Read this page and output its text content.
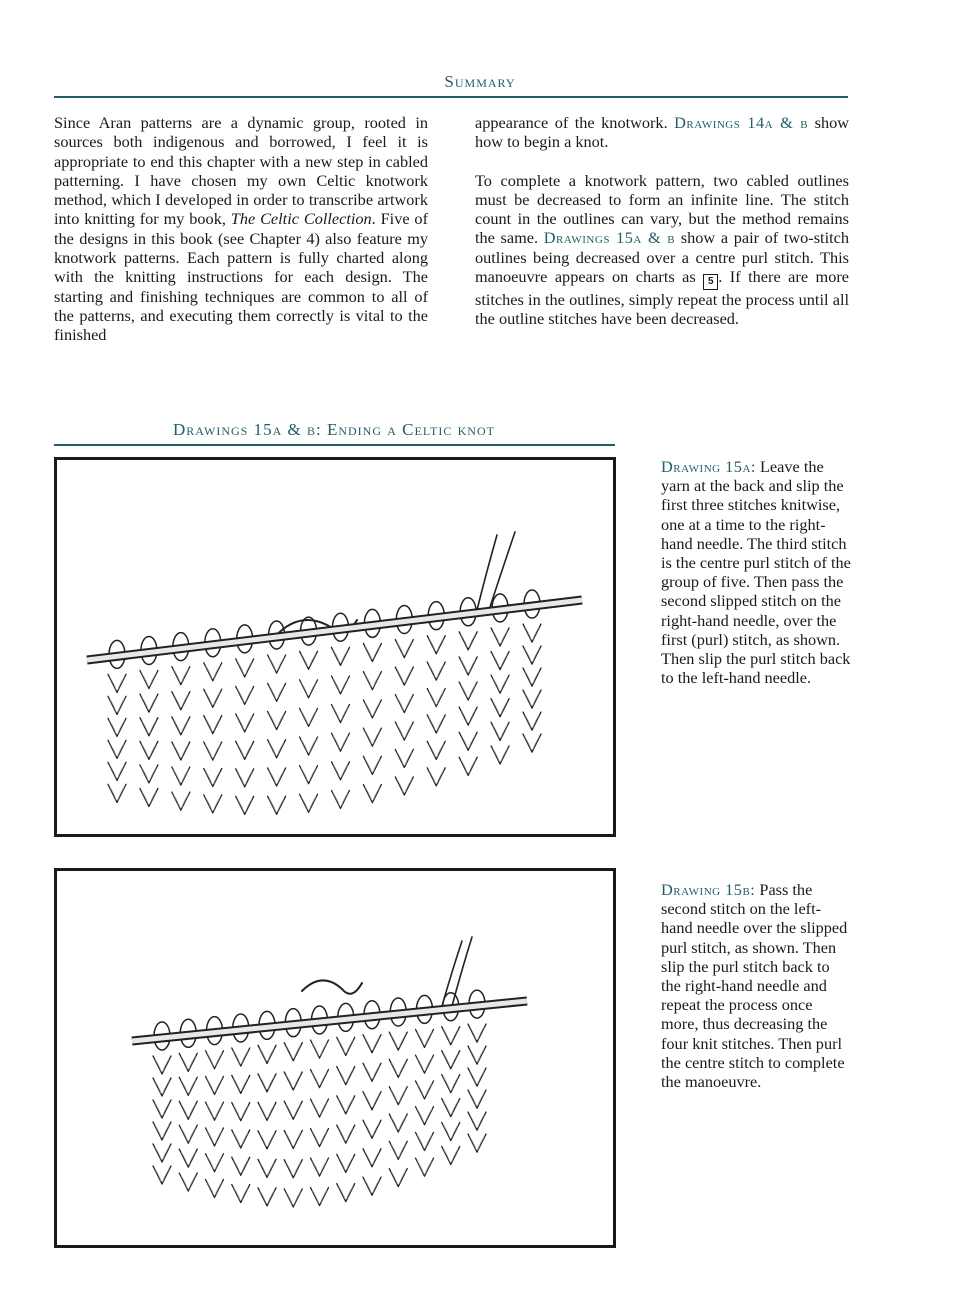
Summary

Since Aran patterns are a dynamic group, rooted in sources both indigenous and borrowed, I feel it is appropriate to end this chapter with a new step in cabled patterning. I have chosen my own Celtic knotwork method, which I developed in order to transcribe artwork into knitting for my book, The Celtic Collection. Five of the designs in this book (see Chapter 4) also feature my knotwork patterns. Each pattern is fully charted along with the knitting instructions for each design. The starting and finishing techniques are common to all of the patterns, and executing them correctly is vital to the finished

appearance of the knotwork. Drawings 14a & b show how to begin a knot.

To complete a knotwork pattern, two cabled outlines must be decreased to form an infinite line. The stitch count in the outlines can vary, but the method remains the same. Drawings 15a & b show a pair of two-stitch outlines being decreased over a centre purl stitch. This manoeuvre appears on charts as 5 . If there are more stitches in the outlines, simply repeat the process until all the outline stitches have been decreased.

Drawings 15a & b: Ending a Celtic knot
Drawing 15a: Leave the yarn at the back and slip the first three stitches knitwise, one at a time to the right-hand needle. The third stitch is the centre purl stitch of the group of five. Then pass the second slipped stitch on the right-hand needle, over the first (purl) stitch, as shown. Then slip the purl stitch back to the left-hand needle.
Drawing 15b: Pass the second stitch on the left-hand needle over the slipped purl stitch, as shown. Then slip the purl stitch back to the right-hand needle and repeat the process once more, thus decreasing the four knit stitches. Then purl the centre stitch to complete the manoeuvre.
